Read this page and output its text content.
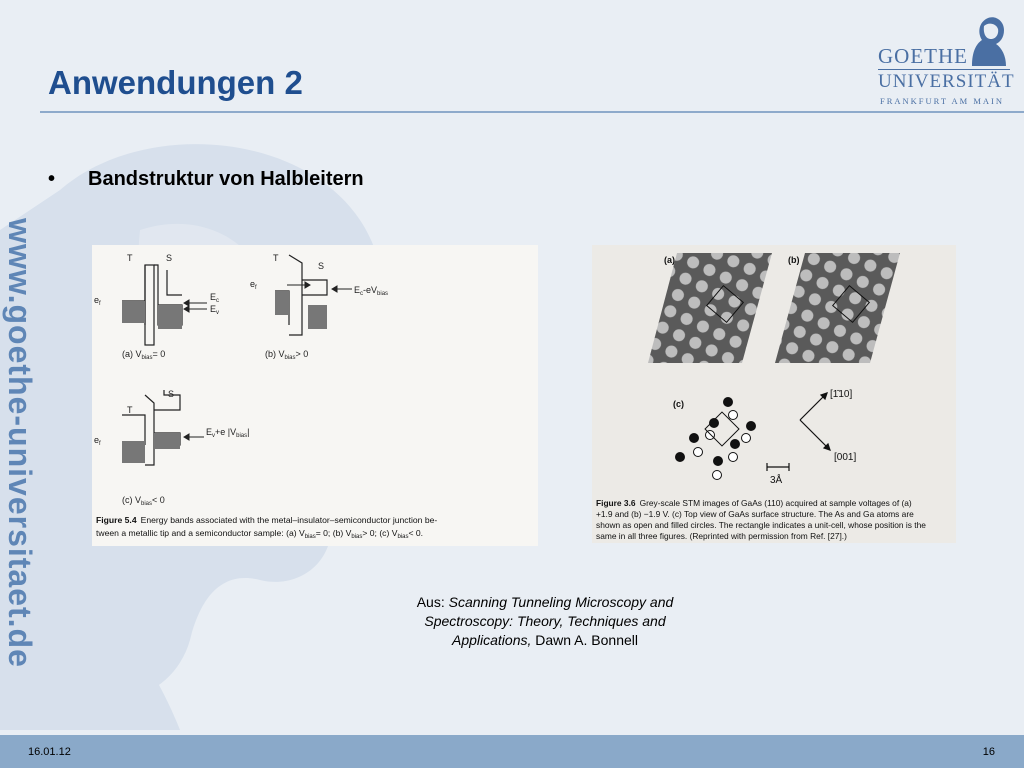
www.goethe-universitaet.de
Anwendungen 2
GOETHE
UNIVERSITÄT
FRANKFURT AM MAIN
• Bandstruktur von Halbleitern
T	S
$e_f$
$E_c$
$E_v$
(a) $V_{bias}= 0$
T
S
$e_f$	$E_c-eV_{bias}$
(b) $V_{bias}> 0$
T
S
$e_f$
$E_v+e$ $|V_{bias}|$
(c) $V_{bias}< 0$
Figure 5.4 Energy bands associated with the metal–insulator–semiconductor junction be-
tween a metallic tip and a semiconductor sample: (a) $V_{bias}= 0$; (b) $V_{bias}> 0$; (c) $V_{bias}< 0$.
(a)	(b)
(c)
[1̄10]
[001]
3Å
Figure 3.6 Grey-scale STM images of GaAs (110) acquired at sample voltages of (a)
+1.9 and (b) −1.9 V. (c) Top view of GaAs surface structure. The As and Ga atoms are
shown as open and filled circles. The rectangle indicates a unit-cell, whose position is the
same in all three figures. (Reprinted with permission from Ref. [27].)
Aus: Scanning Tunneling Microscopy and Spectroscopy: Theory, Techniques and Applications, Dawn A. Bonnell
16.01.12	16
